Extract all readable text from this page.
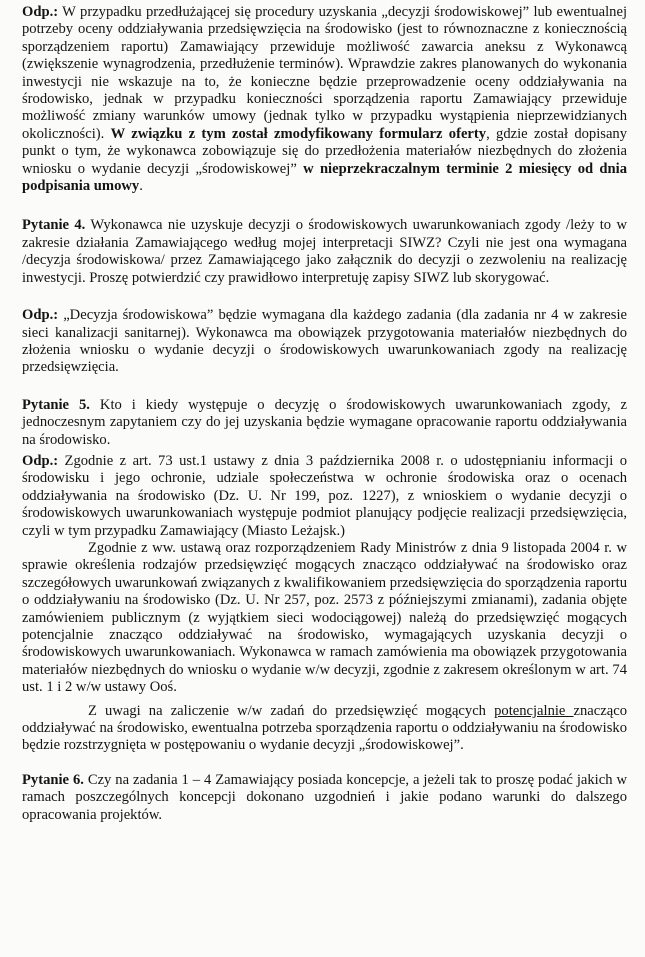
Odp.: W przypadku przedłużającej się procedury uzyskania „decyzji środowiskowej” lub ewentualnej potrzeby oceny oddziaływania przedsięwzięcia na środowisko (jest to równoznaczne z koniecznością sporządzeniem raportu) Zamawiający przewiduje możliwość zawarcia aneksu z Wykonawcą (zwiększenie wynagrodzenia, przedłużenie terminów). Wprawdzie zakres planowanych do wykonania inwestycji nie wskazuje na to, że konieczne będzie przeprowadzenie oceny oddziaływania na środowisko, jednak w przypadku konieczności sporządzenia raportu Zamawiający przewiduje możliwość zmiany warunków umowy (jednak tylko w przypadku wystąpienia nieprzewidzianych okoliczności). W związku z tym został zmodyfikowany formularz oferty, gdzie został dopisany punkt o tym, że wykonawca zobowiązuje się do przedłożenia materiałów niezbędnych do złożenia wniosku o wydanie decyzji „środowiskowej” w nieprzekraczalnym terminie 2 miesięcy od dnia podpisania umowy.

Pytanie 4. Wykonawca nie uzyskuje decyzji o środowiskowych uwarunkowaniach zgody /leży to w zakresie działania Zamawiającego według mojej interpretacji SIWZ? Czyli nie jest ona wymagana /decyzja środowiskowa/ przez Zamawiającego jako załącznik do decyzji o zezwoleniu na realizację inwestycji. Proszę potwierdzić czy prawidłowo interpretuję zapisy SIWZ lub skorygować.

Odp.: „Decyzja środowiskowa” będzie wymagana dla każdego zadania (dla zadania nr 4 w zakresie sieci kanalizacji sanitarnej). Wykonawca ma obowiązek przygotowania materiałów niezbędnych do złożenia wniosku o wydanie decyzji o środowiskowych uwarunkowaniach zgody na realizację przedsięwzięcia.

Pytanie 5. Kto i kiedy występuje o decyzję o środowiskowych uwarunkowaniach zgody, z jednoczesnym zapytaniem czy do jej uzyskania będzie wymagane opracowanie raportu oddziaływania na środowisko.

Odp.: Zgodnie z art. 73 ust.1 ustawy z dnia 3 października 2008 r. o udostępnianiu informacji o środowisku i jego ochronie, udziale społeczeństwa w ochronie środowiska oraz o ocenach oddziaływania na środowisko (Dz. U. Nr 199, poz. 1227), z wnioskiem o wydanie decyzji o środowiskowych uwarunkowaniach występuje podmiot planujący podjęcie realizacji przedsięwzięcia, czyli w tym przypadku Zamawiający (Miasto Leżajsk.)

Zgodnie z ww. ustawą oraz rozporządzeniem Rady Ministrów z dnia 9 listopada 2004 r. w sprawie określenia rodzajów przedsięwzięć mogących znacząco oddziaływać na środowisko oraz szczegółowych uwarunkowań związanych z kwalifikowaniem przedsięwzięcia do sporządzenia raportu o oddziaływaniu na środowisko (Dz. U. Nr 257, poz. 2573 z późniejszymi zmianami), zadania objęte zamówieniem publicznym (z wyjątkiem sieci wodociągowej) należą do przedsięwzięć mogących potencjalnie znacząco oddziaływać na środowisko, wymagających uzyskania decyzji o środowiskowych uwarunkowaniach. Wykonawca w ramach zamówienia ma obowiązek przygotowania materiałów niezbędnych do wniosku o wydanie w/w decyzji, zgodnie z zakresem określonym w art. 74 ust. 1 i 2 w/w ustawy Ooś.

Z uwagi na zaliczenie w/w zadań do przedsięwzięć mogących potencjalnie znacząco oddziaływać na środowisko, ewentualna potrzeba sporządzenia raportu o oddziaływaniu na środowisko będzie rozstrzygnięta w postępowaniu o wydanie decyzji „środowiskowej”.

Pytanie 6. Czy na zadania 1 – 4 Zamawiający posiada koncepcje, a jeżeli tak to proszę podać jakich w ramach poszczególnych koncepcji dokonano uzgodnień i jakie podano warunki do dalszego opracowania projektów.
